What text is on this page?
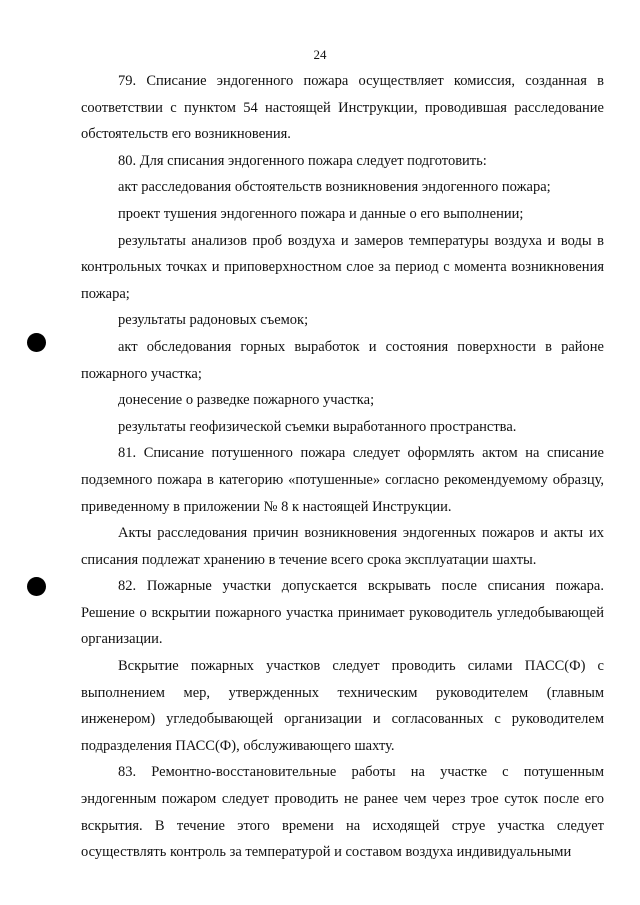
24

79. Списание эндогенного пожара осуществляет комиссия, созданная в соответствии с пунктом 54 настоящей Инструкции, проводившая расследование обстоятельств его возникновения.

80. Для списания эндогенного пожара следует подготовить:

акт расследования обстоятельств возникновения эндогенного пожара;

проект тушения эндогенного пожара и данные о его выполнении;

результаты анализов проб воздуха и замеров температуры воздуха и воды в контрольных точках и приповерхностном слое за период с момента возникновения пожара;

результаты радоновых съемок;

акт обследования горных выработок и состояния поверхности в районе пожарного участка;

донесение о разведке пожарного участка;

результаты геофизической съемки выработанного пространства.

81. Списание потушенного пожара следует оформлять актом на списание подземного пожара в категорию «потушенные» согласно рекомендуемому образцу, приведенному в приложении № 8 к настоящей Инструкции.

Акты расследования причин возникновения эндогенных пожаров и акты их списания подлежат хранению в течение всего срока эксплуатации шахты.

82. Пожарные участки допускается вскрывать после списания пожара. Решение о вскрытии пожарного участка принимает руководитель угледобывающей организации.

Вскрытие пожарных участков следует проводить силами ПАСС(Ф) с выполнением мер, утвержденных техническим руководителем (главным инженером) угледобывающей организации и согласованных с руководителем подразделения ПАСС(Ф), обслуживающего шахту.

83. Ремонтно-восстановительные работы на участке с потушенным эндогенным пожаром следует проводить не ранее чем через трое суток после его вскрытия. В течение этого времени на исходящей струе участка следует осуществлять контроль за температурой и составом воздуха индивидуальными
